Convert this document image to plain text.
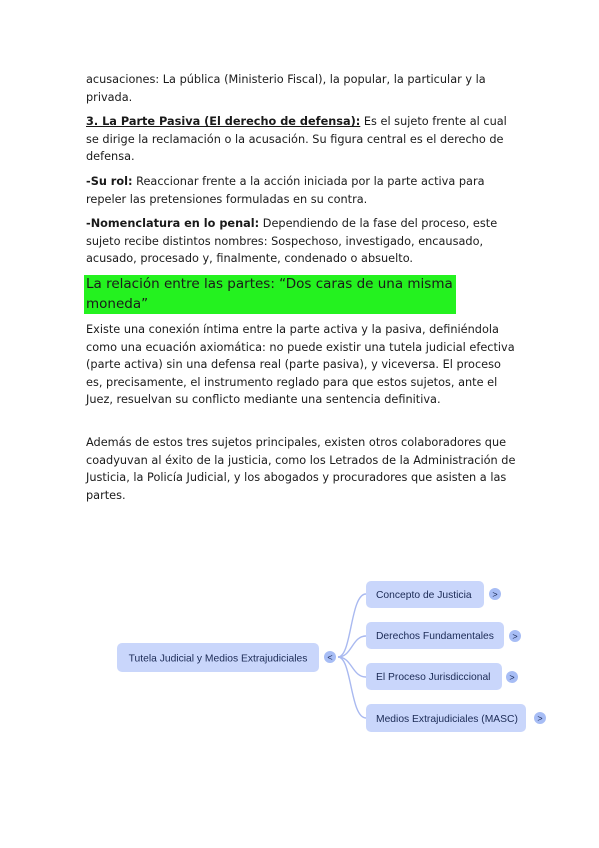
acusaciones: La pública (Ministerio Fiscal), la popular, la particular y la privada.

3. La Parte Pasiva (El derecho de defensa): Es el sujeto frente al cual se dirige la reclamación o la acusación. Su figura central es el derecho de defensa.

-Su rol: Reaccionar frente a la acción iniciada por la parte activa para repeler las pretensiones formuladas en su contra.

-Nomenclatura en lo penal: Dependiendo de la fase del proceso, este sujeto recibe distintos nombres: Sospechoso, investigado, encausado, acusado, procesado y, finalmente, condenado o absuelto.

La relación entre las partes: “Dos caras de una misma moneda”

Existe una conexión íntima entre la parte activa y la pasiva, definiéndola como una ecuación axiomática: no puede existir una tutela judicial efectiva (parte activa) sin una defensa real (parte pasiva), y viceversa. El proceso es, precisamente, el instrumento reglado para que estos sujetos, ante el Juez, resuelvan su conflicto mediante una sentencia definitiva.

Además de estos tres sujetos principales, existen otros colaboradores que coadyuvan al éxito de la justicia, como los Letrados de la Administración de Justicia, la Policía Judicial, y los abogados y procuradores que asisten a las partes.

Tutela Judicial y Medios Extrajudiciales <
Concepto de Justicia >
Derechos Fundamentales >
El Proceso Jurisdiccional >
Medios Extrajudiciales (MASC) >
